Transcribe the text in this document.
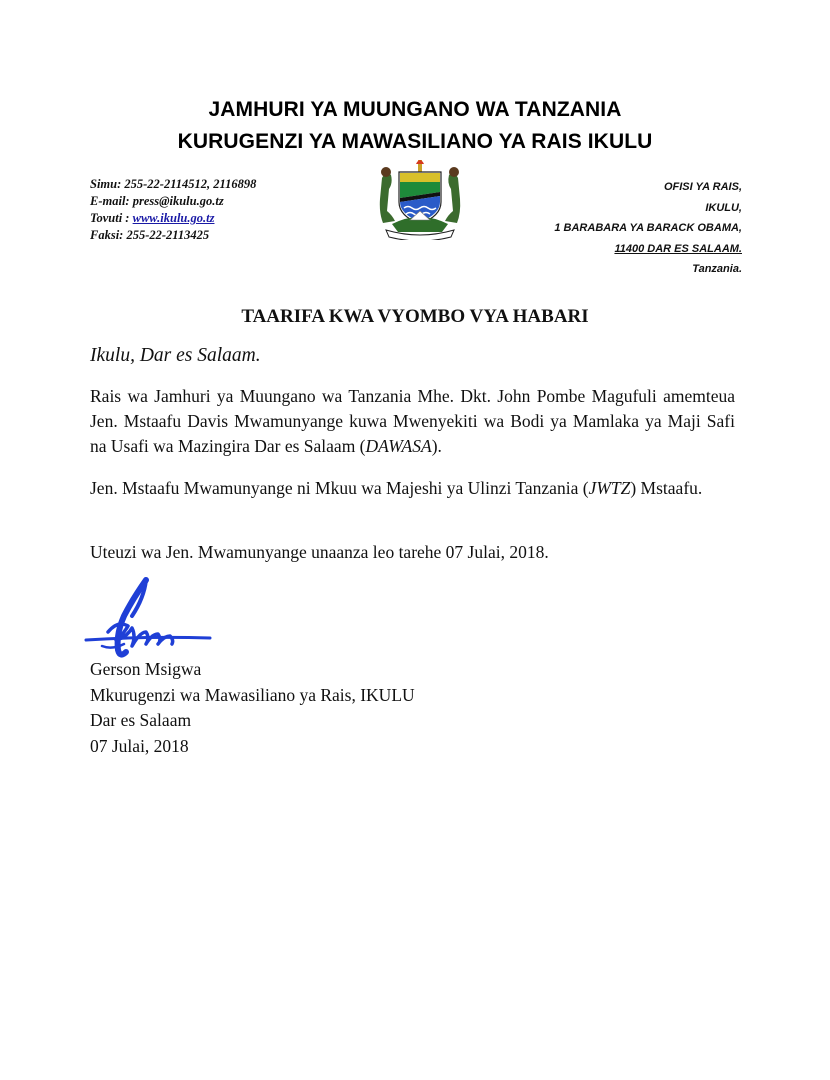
JAMHURI YA MUUNGANO WA TANZANIA
KURUGENZI YA MAWASILIANO YA RAIS IKULU
Simu: 255-22-2114512, 2116898
E-mail: press@ikulu.go.tz
Tovuti : www.ikulu.go.tz
Faksi: 255-22-2113425
OFISI YA RAIS,
IKULU,
1 BARABARA YA BARACK OBAMA,
11400 DAR ES SALAAM.
Tanzania.
TAARIFA KWA VYOMBO VYA HABARI
Ikulu, Dar es Salaam.
Rais wa Jamhuri ya Muungano wa Tanzania Mhe. Dkt. John Pombe Magufuli amemteua Jen. Mstaafu Davis Mwamunyange kuwa Mwenyekiti wa Bodi ya Mamlaka ya Maji Safi na Usafi wa Mazingira Dar es Salaam (DAWASA).
Jen. Mstaafu Mwamunyange ni Mkuu wa Majeshi ya Ulinzi Tanzania (JWTZ) Mstaafu.
Uteuzi wa Jen. Mwamunyange unaanza leo tarehe 07 Julai, 2018.
Gerson Msigwa
Mkurugenzi wa Mawasiliano ya Rais, IKULU
Dar es Salaam
07 Julai, 2018
